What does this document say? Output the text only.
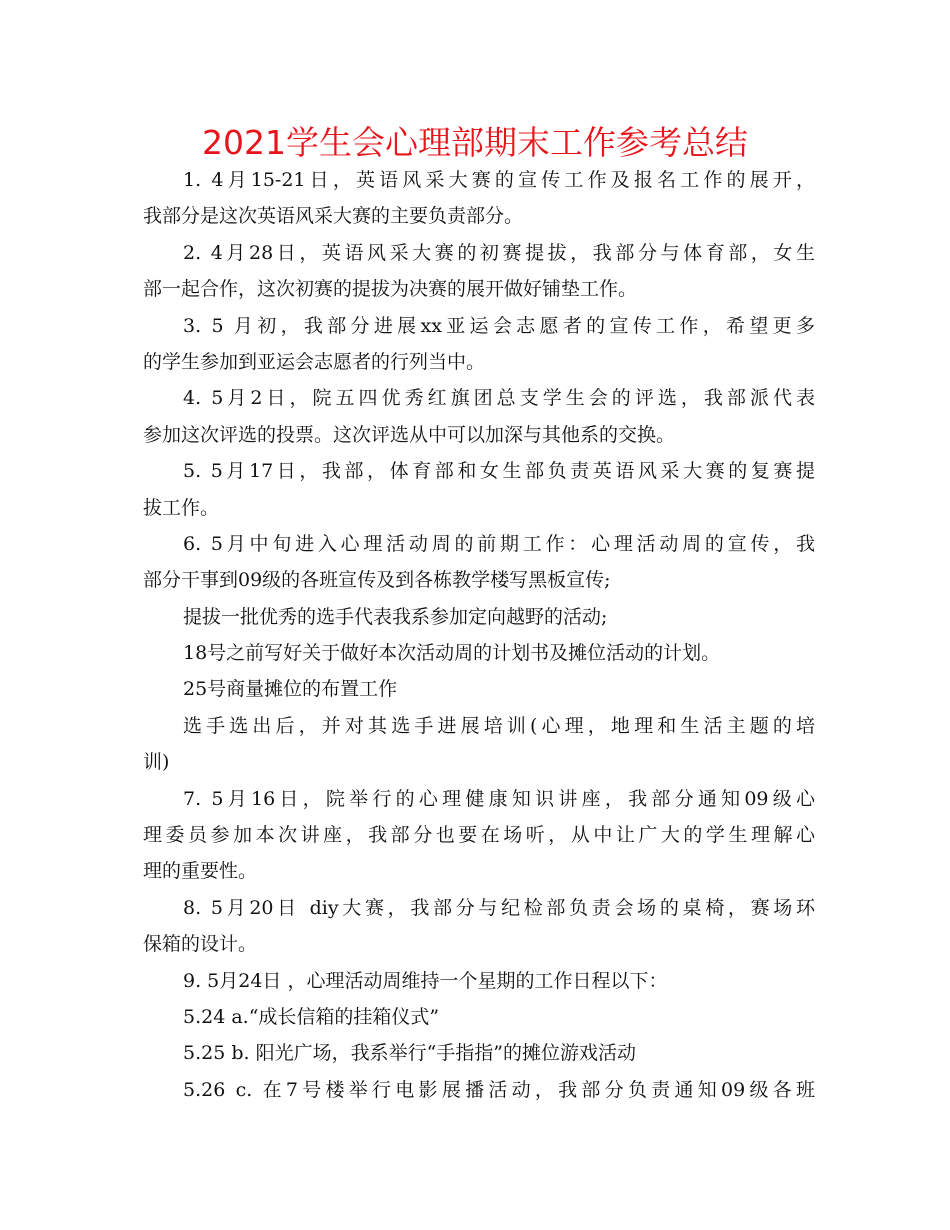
2021学生会心理部期末工作参考总结
1. 4月15-21日，英语风采大赛的宣传工作及报名工作的展开，
我部分是这次英语风采大赛的主要负责部分。
2. 4月28日，英语风采大赛的初赛提拔，我部分与体育部，女生
部一起合作，这次初赛的提拔为决赛的展开做好铺垫工作。
3. 5 月初，我部分进展xx亚运会志愿者的宣传工作，希望更多
的学生参加到亚运会志愿者的行列当中。
4. 5月2日，院五四优秀红旗团总支学生会的评选，我部派代表
参加这次评选的投票。这次评选从中可以加深与其他系的交换。
5. 5月17日，我部，体育部和女生部负责英语风采大赛的复赛提
拔工作。
6. 5月中旬进入心理活动周的前期工作：心理活动周的宣传，我
部分干事到09级的各班宣传及到各栋教学楼写黑板宣传;
提拔一批优秀的选手代表我系参加定向越野的活动;
18号之前写好关于做好本次活动周的计划书及摊位活动的计划。
25号商量摊位的布置工作
选手选出后，并对其选手进展培训(心理，地理和生活主题的培
训)
7. 5月16日，院举行的心理健康知识讲座，我部分通知09级心
理委员参加本次讲座，我部分也要在场听，从中让广大的学生理解心
理的重要性。
8. 5月20日 diy大赛，我部分与纪检部负责会场的桌椅，赛场环
保箱的设计。
9. 5月24日 ，心理活动周维持一个星期的工作日程以下：
5.24 a.“成长信箱的挂箱仪式”
5.25 b. 阳光广场，我系举行“手指指”的摊位游戏活动
5.26 c. 在7号楼举行电影展播活动，我部分负责通知09级各班
